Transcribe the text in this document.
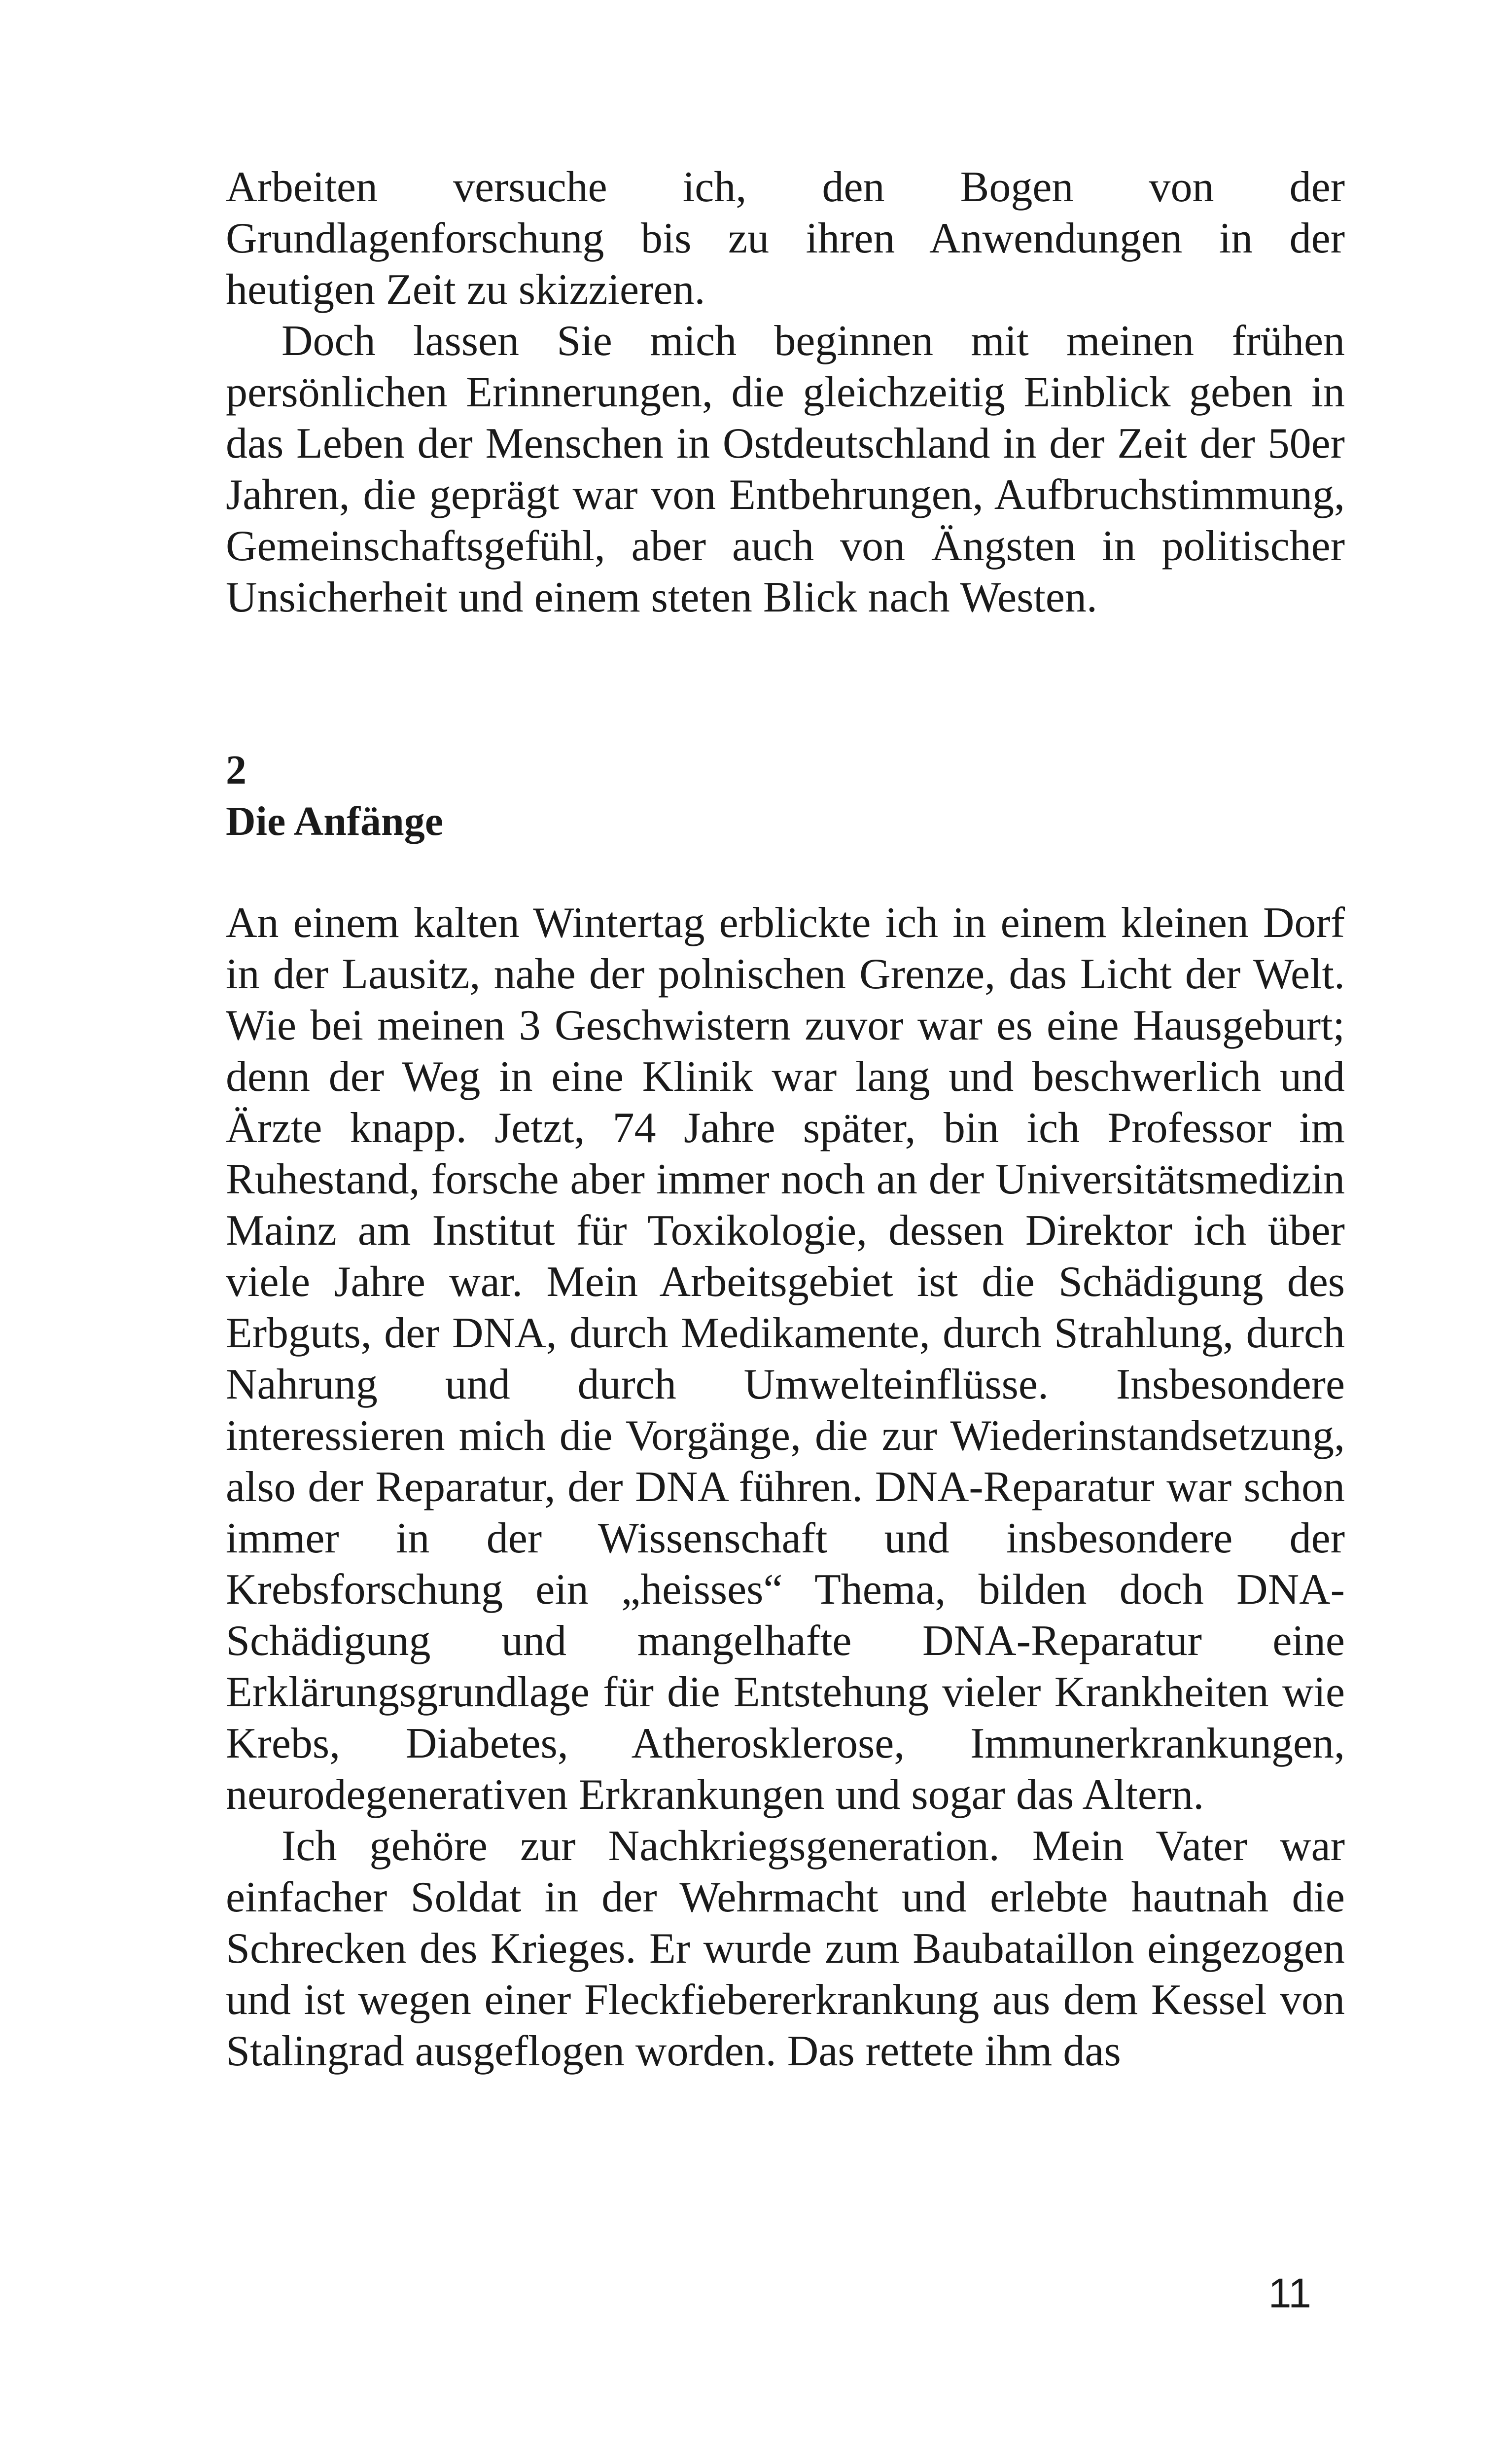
Arbeiten versuche ich, den Bogen von der Grundlagenforschung bis zu ihren Anwendungen in der heutigen Zeit zu skizzieren.

Doch lassen Sie mich beginnen mit meinen frühen persönlichen Erinnerungen, die gleichzeitig Einblick geben in das Leben der Menschen in Ostdeutschland in der Zeit der 50er Jahren, die geprägt war von Entbehrungen, Aufbruchstimmung, Gemeinschaftsgefühl, aber auch von Ängsten in politischer Unsicherheit und einem steten Blick nach Westen.

2
Die Anfänge

An einem kalten Wintertag erblickte ich in einem kleinen Dorf in der Lausitz, nahe der polnischen Grenze, das Licht der Welt. Wie bei meinen 3 Geschwistern zuvor war es eine Hausgeburt; denn der Weg in eine Klinik war lang und beschwerlich und Ärzte knapp. Jetzt, 74 Jahre später, bin ich Professor im Ruhestand, forsche aber immer noch an der Universitätsmedizin Mainz am Institut für Toxikologie, dessen Direktor ich über viele Jahre war. Mein Arbeitsgebiet ist die Schädigung des Erbguts, der DNA, durch Medikamente, durch Strahlung, durch Nahrung und durch Umwelteinflüsse. Insbesondere interessieren mich die Vorgänge, die zur Wiederinstandsetzung, also der Reparatur, der DNA führen. DNA-Reparatur war schon immer in der Wissenschaft und insbesondere der Krebsforschung ein „heisses“ Thema, bilden doch DNA-Schädigung und mangelhafte DNA-Reparatur eine Erklärungsgrundlage für die Entstehung vieler Krankheiten wie Krebs, Diabetes, Atherosklerose, Immunerkrankungen, neurodegenerativen Erkrankungen und sogar das Altern.

Ich gehöre zur Nachkriegsgeneration. Mein Vater war einfacher Soldat in der Wehrmacht und erlebte hautnah die Schrecken des Krieges. Er wurde zum Baubataillon eingezogen und ist wegen einer Fleckfiebererkrankung aus dem Kessel von Stalingrad ausgeflogen worden. Das rettete ihm das

11
